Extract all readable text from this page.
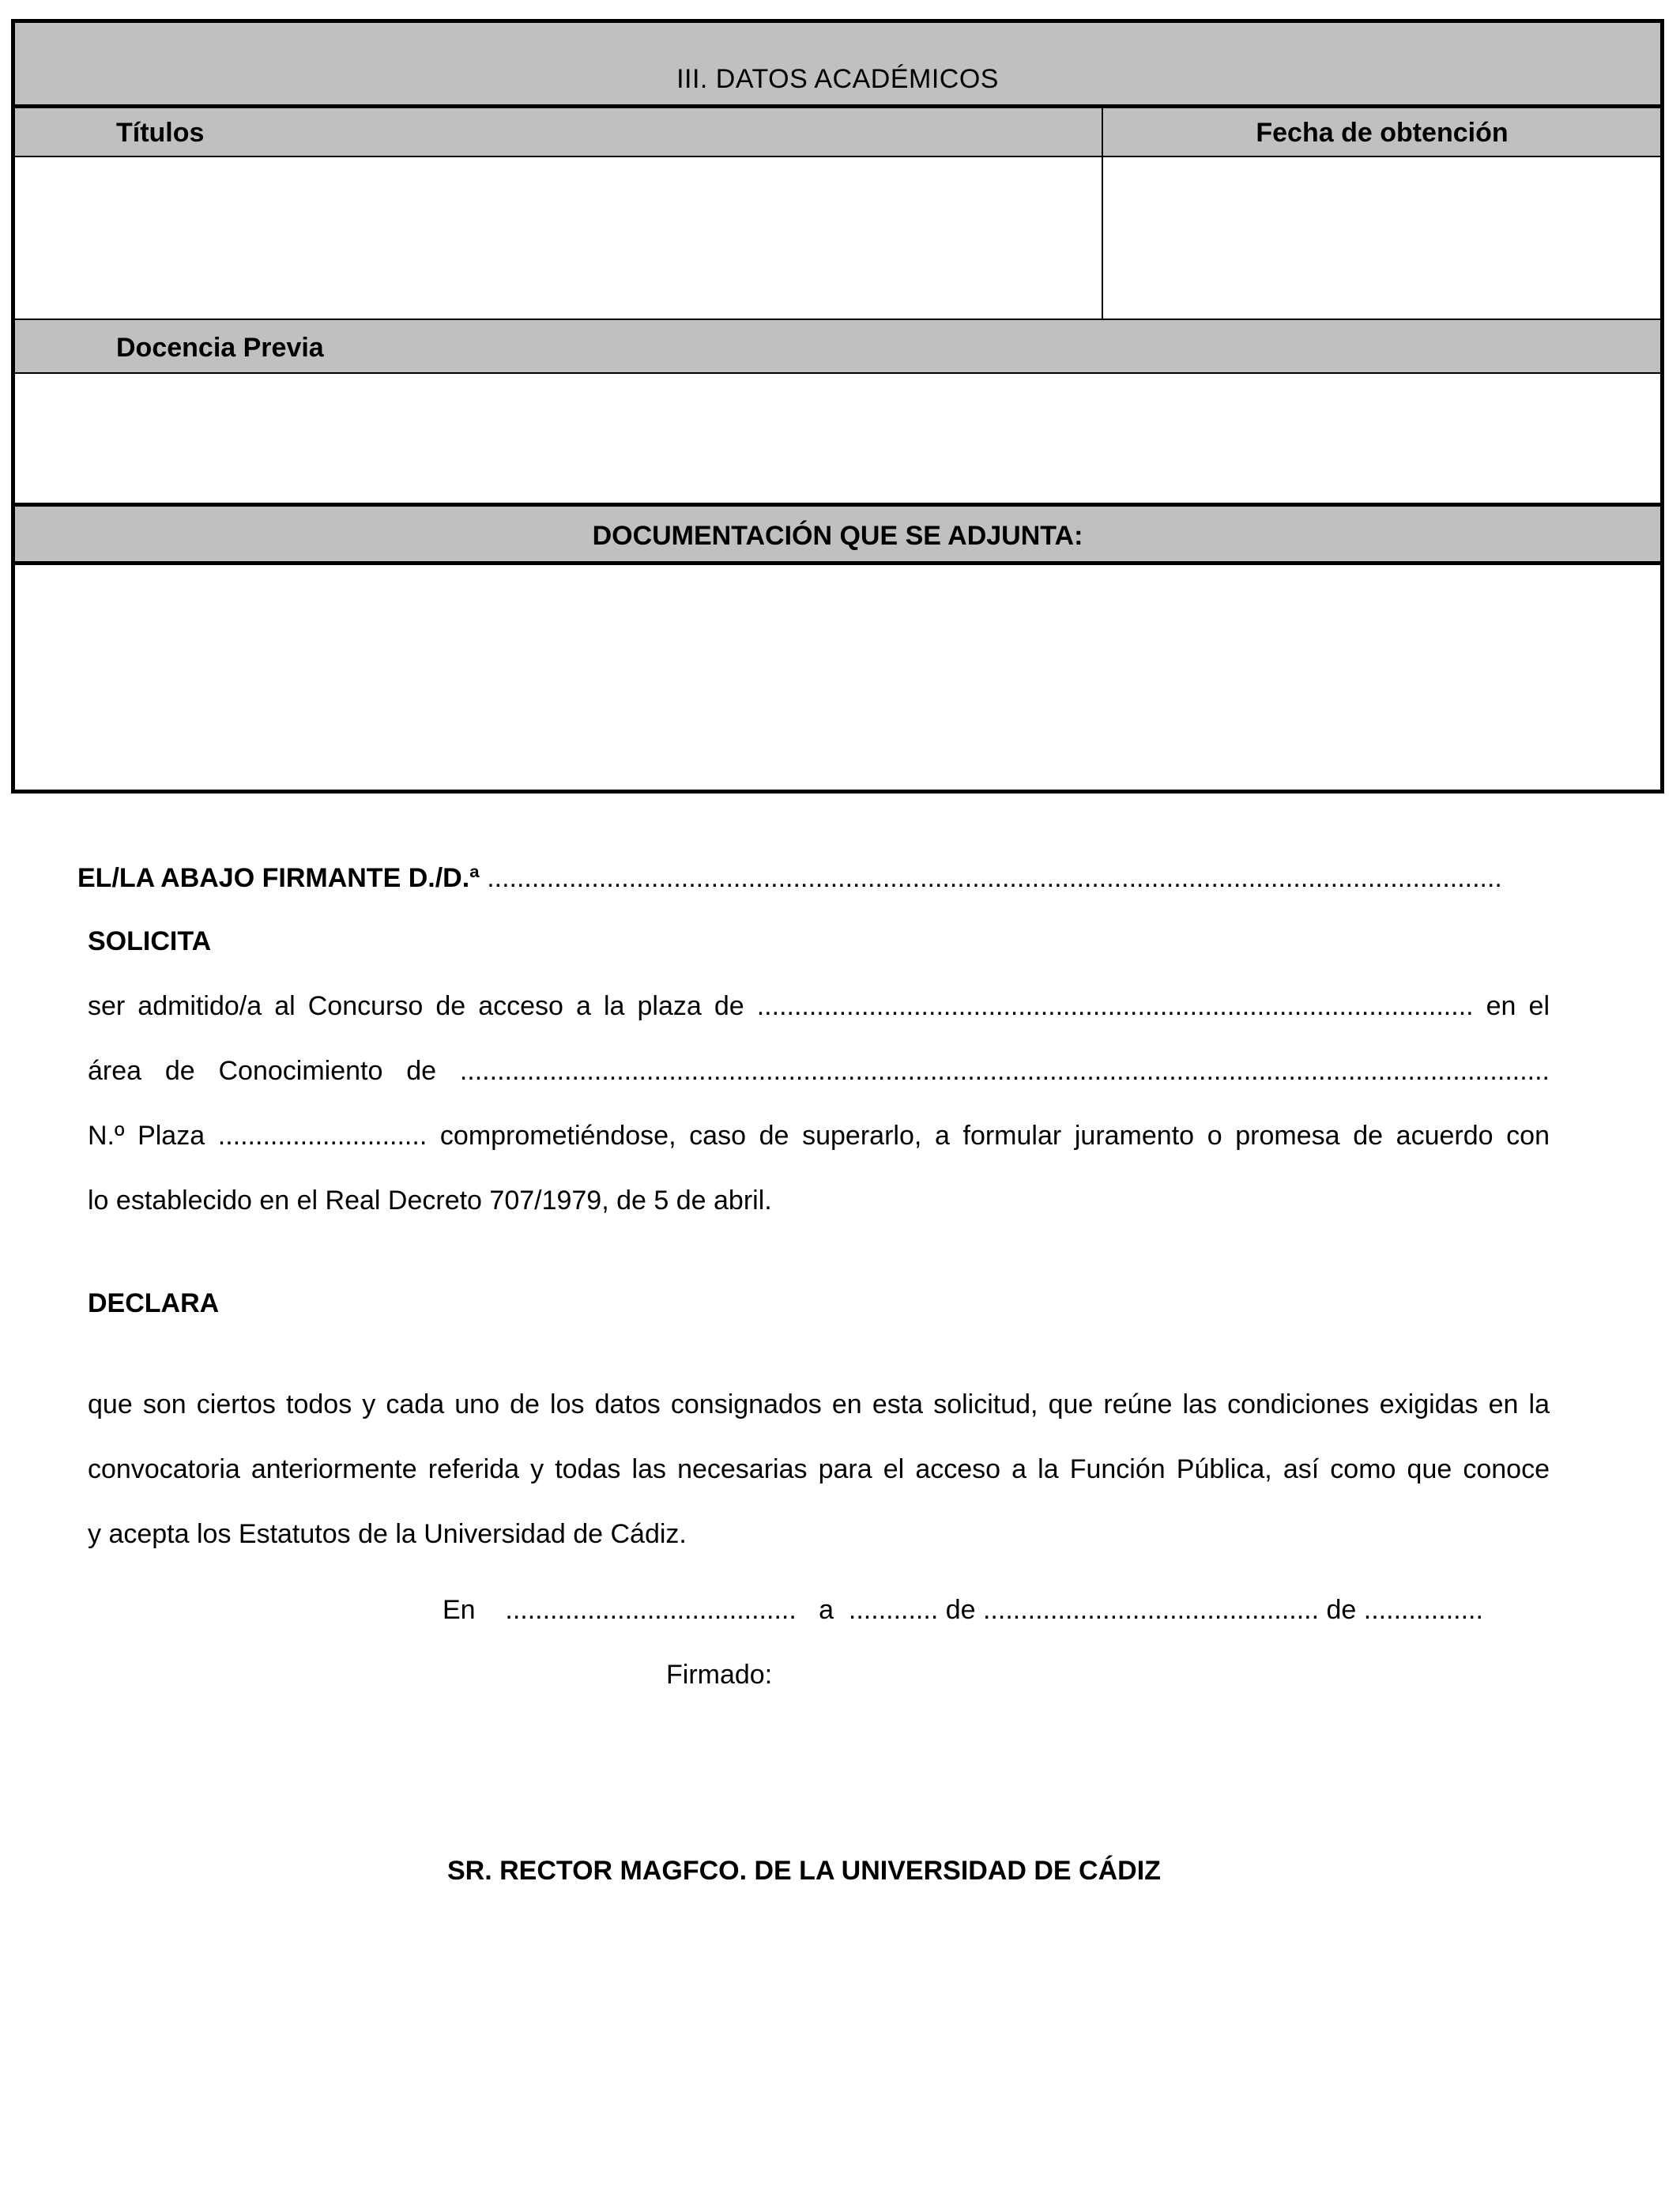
III. DATOS ACADÉMICOS
Títulos	Fecha de obtención
Docencia Previa
DOCUMENTACIÓN QUE SE ADJUNTA:
EL/LA ABAJO FIRMANTE D./D.ª ........................................................................................................................................
SOLICITA
ser admitido/a al Concurso de acceso a la plaza de ................................................................................................ en el
área de Conocimiento de ..................................................................................................................................................
N.º Plaza ............................ comprometiéndose, caso de superarlo, a formular juramento o promesa de acuerdo con
lo establecido en el Real Decreto 707/1979, de 5 de abril.
DECLARA
que son ciertos todos y cada uno de los datos consignados en esta solicitud, que reúne las condiciones exigidas en la
convocatoria anteriormente referida y todas las necesarias para el acceso a la Función Pública, así como que conoce
y acepta los Estatutos de la Universidad de Cádiz.
En    .......................................   a  ............ de ............................................. de ................
Firmado:
SR. RECTOR MAGFCO. DE LA UNIVERSIDAD DE CÁDIZ
